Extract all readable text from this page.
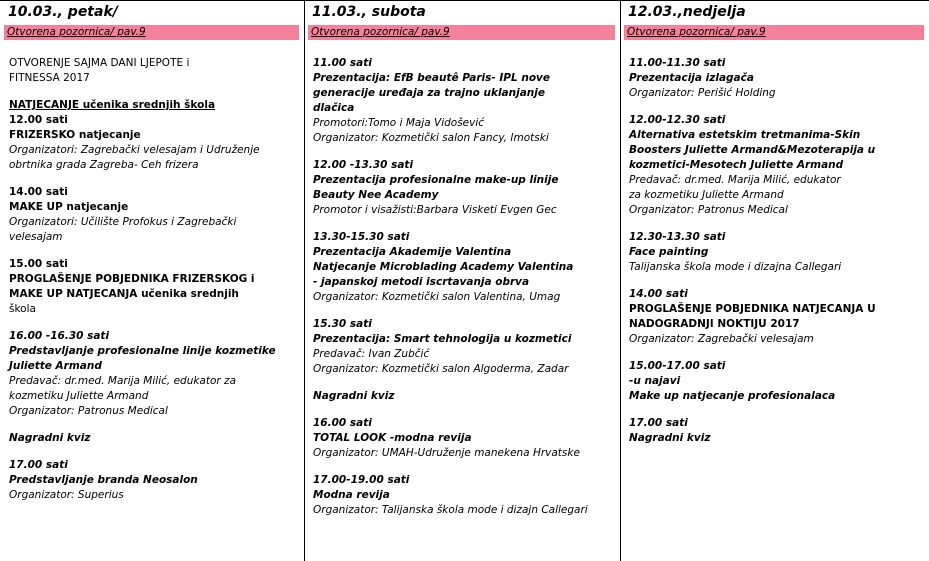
10.03., petak/
Otvorena pozornica/ pav.9
OTVORENJE SAJMA DANI LJEPOTE i
FITNESSA 2017
NATJECANJE učenika srednjih škola
12.00 sati
FRIZERSKO natjecanje
Organizatori: Zagrebački velesajam i Udruženje
obrtnika grada Zagreba- Ceh frizera
14.00 sati
MAKE UP natjecanje
Organizatori: Učilište Profokus i Zagrebački
velesajam
15.00 sati
PROGLAŠENJE POBJEDNIKA FRIZERSKOG i
MAKE UP NATJECANJA učenika srednjih
škola
16.00 -16.30 sati
Predstavljanje profesionalne linije kozmetike
Juliette Armand
Predavač: dr.med. Marija Milić, edukator za
kozmetiku Juliette Armand
Organizator: Patronus Medical
Nagradni kviz
17.00 sati
Predstavljanje branda Neosalon
Organizator: Superius
11.03., subota
Otvorena pozornica/ pav.9
11.00 sati
Prezentacija: EfB beautê Paris- IPL nove
generacije uređaja za trajno uklanjanje
dlačica
Promotori:Tomo i Maja Vidošević
Organizator: Kozmetički salon Fancy, Imotski
12.00 -13.30 sati
Prezentacija profesionalne make-up linije
Beauty Nee Academy
Promotor i visažisti:Barbara Visketi Evgen Gec
13.30-15.30 sati
Prezentacija Akademije Valentina
Natjecanje Microblading Academy Valentina
- japanskoj metodi iscrtavanja obrva
Organizator: Kozmetički salon Valentina, Umag
15.30 sati
Prezentacija: Smart tehnologija u kozmetici
Predavač: Ivan Zubčić
Organizator: Kozmetički salon Algoderma, Zadar
Nagradni kviz
16.00 sati
TOTAL LOOK -modna revija
Organizator: UMAH-Udruženje manekena Hrvatske
17.00-19.00 sati
Modna revija
Organizator: Talijanska škola mode i dizajn Callegari
12.03.,nedjelja
Otvorena pozornica/ pav.9
11.00-11.30 sati
Prezentacija izlagača
Organizator: Perišić Holding
12.00-12.30 sati
Alternativa estetskim tretmanima-Skin
Boosters Juliette Armand&Mezoterapija u
kozmetici-Mesotech Juliette Armand
Predavač: dr.med. Marija Milić, edukator
za kozmetiku Juliette Armand
Organizator: Patronus Medical
12.30-13.30 sati
Face painting
Talijanska škola mode i dizajna Callegari
14.00 sati
PROGLAŠENJE POBJEDNIKA NATJECANJA U
NADOGRADNJI NOKTIJU 2017
Organizator: Zagrebački velesajam
15.00-17.00 sati
-u najavi
Make up natjecanje profesionalaca
17.00 sati
Nagradni kviz
